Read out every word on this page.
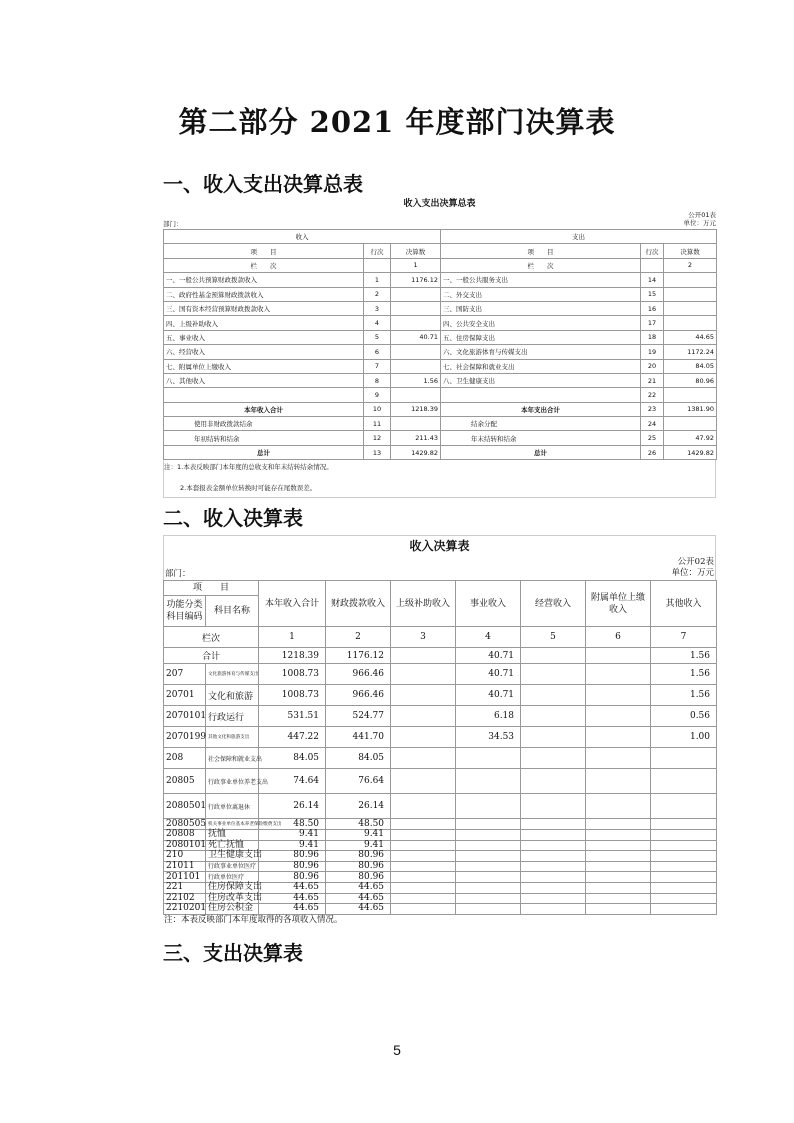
第二部分 2021 年度部门决算表
一、收入支出决算总表
收入支出决算总表
公开01表
单位：万元
部门：
收入			支出		
项　　目	行次	决算数	项　　目	行次	决算数
栏　　次		1	栏　　次		2
一、一般公共预算财政拨款收入	1	1176.12	一、一般公共服务支出	14	
二、政府性基金预算财政拨款收入	2		二、外交支出	15	
三、国有资本经营预算财政拨款收入	3		三、国防支出	16	
四、上级补助收入	4		四、公共安全支出	17	
五、事业收入	5	40.71	五、住房保障支出	18	44.65
六、经营收入	6		六、文化旅游体育与传媒支出	19	1172.24
七、附属单位上缴收入	7		七、社会保障和就业支出	20	84.05
八、其他收入	8	1.56	八、卫生健康支出	21	80.96
	9			22	
本年收入合计	10	1218.39	本年支出合计	23	1381.90
使用非财政拨款结余	11		结余分配	24	
年初结转和结余	12	211.43	年末结转和结余	25	47.92
总计	13	1429.82	总计	26	1429.82
注：1.本表反映部门本年度的总收支和年末结转结余情况。
2.本套报表金额单位转换时可能存在尾数误差。
二、收入决算表
收入决算表
公开02表
单位：万元
部门：
项　　目		本年收入合计	财政拨款收入	上级补助收入	事业收入	经营收入	附属单位上缴收入	其他收入
功能分类科目编码	科目名称							
栏次		1	2	3	4	5	6	7
合计		1218.39	1176.12		40.71			1.56
207	文化旅游体育与传媒支出	1008.73	966.46		40.71			1.56
20701	文化和旅游	1008.73	966.46		40.71			1.56
2070101	行政运行	531.51	524.77		6.18			0.56
2070199	其他文化和旅游支出	447.22	441.70		34.53			1.00
208	社会保障和就业支出	84.05	84.05					
20805	行政事业单位养老支出	74.64	76.64					
2080501	行政单位离退休	26.14	26.14					
2080505	机关事业单位基本养老保险缴费支出	48.50	48.50					
20808	抚恤	9.41	9.41					
2080101	死亡抚恤	9.41	9.41					
210	卫生健康支出	80.96	80.96					
21011	行政事业单位医疗	80.96	80.96					
201101	行政单位医疗	80.96	80.96					
221	住房保障支出	44.65	44.65					
22102	住房改革支出	44.65	44.65					
2210201	住房公积金	44.65	44.65					
注：本表反映部门本年度取得的各项收入情况。
三、支出决算表
5
